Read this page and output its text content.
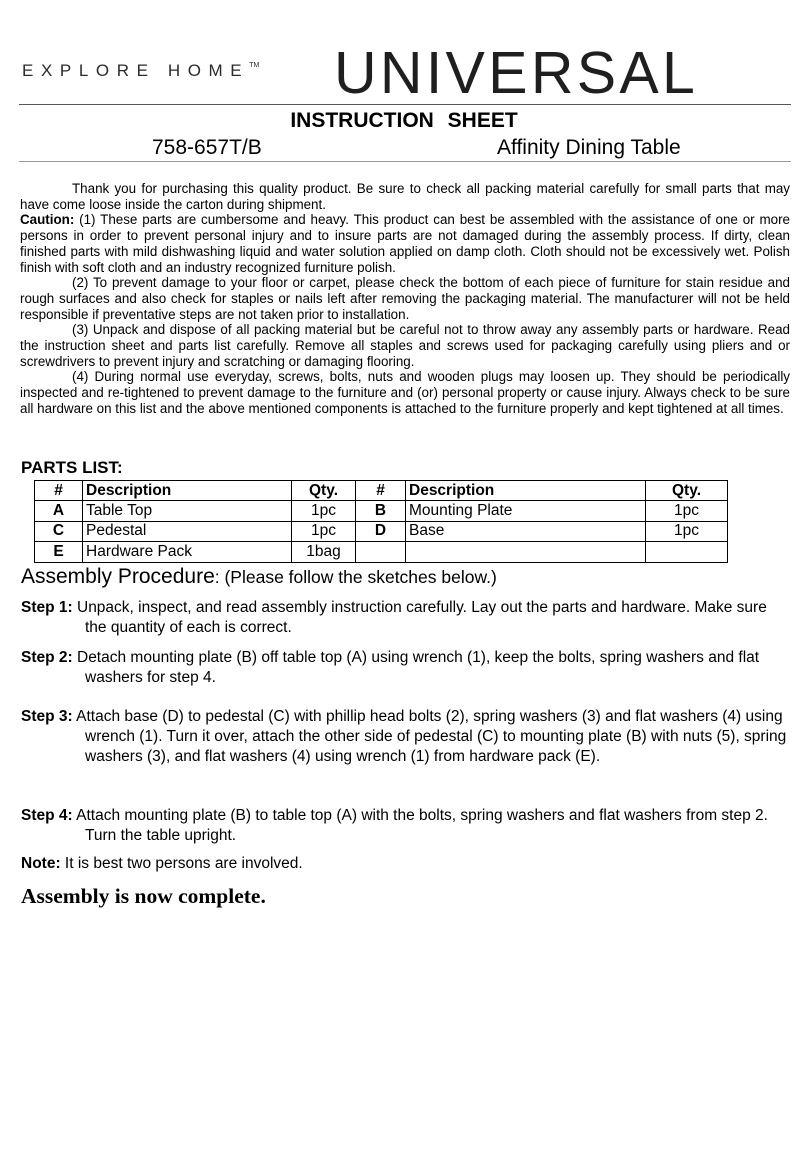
EXPLORE HOME™ UNIVERSAL
INSTRUCTION SHEET
758-657T/B	Affinity Dining Table

Thank you for purchasing this quality product. Be sure to check all packing material carefully for small parts that may have come loose inside the carton during shipment.

Caution: (1) These parts are cumbersome and heavy. This product can best be assembled with the assistance of one or more persons in order to prevent personal injury and to insure parts are not damaged during the assembly process. If dirty, clean finished parts with mild dishwashing liquid and water solution applied on damp cloth. Cloth should not be excessively wet. Polish finish with soft cloth and an industry recognized furniture polish.

(2) To prevent damage to your floor or carpet, please check the bottom of each piece of furniture for stain residue and rough surfaces and also check for staples or nails left after removing the packaging material. The manufacturer will not be held responsible if preventative steps are not taken prior to installation.

(3) Unpack and dispose of all packing material but be careful not to throw away any assembly parts or hardware. Read the instruction sheet and parts list carefully. Remove all staples and screws used for packaging carefully using pliers and or screwdrivers to prevent injury and scratching or damaging flooring.

(4) During normal use everyday, screws, bolts, nuts and wooden plugs may loosen up. They should be periodically inspected and re-tightened to prevent damage to the furniture and (or) personal property or cause injury. Always check to be sure all hardware on this list and the above mentioned components is attached to the furniture properly and kept tightened at all times.

PARTS LIST:
#	Description	Qty.	#	Description	Qty.
A	Table Top	1pc	B	Mounting Plate	1pc
C	Pedestal	1pc	D	Base	1pc
E	Hardware Pack	1bag			
Assembly Procedure: (Please follow the sketches below.)
Step 1: Unpack, inspect, and read assembly instruction carefully. Lay out the parts and hardware. Make sure the quantity of each is correct.
Step 2: Detach mounting plate (B) off table top (A) using wrench (1), keep the bolts, spring washers and flat washers for step 4.
Step 3: Attach base (D) to pedestal (C) with phillip head bolts (2), spring washers (3) and flat washers (4) using wrench (1). Turn it over, attach the other side of pedestal (C) to mounting plate (B) with nuts (5), spring washers (3), and flat washers (4) using wrench (1) from hardware pack (E).
Step 4: Attach mounting plate (B) to table top (A) with the bolts, spring washers and flat washers from step 2. Turn the table upright.
Note: It is best two persons are involved.
Assembly is now complete.
